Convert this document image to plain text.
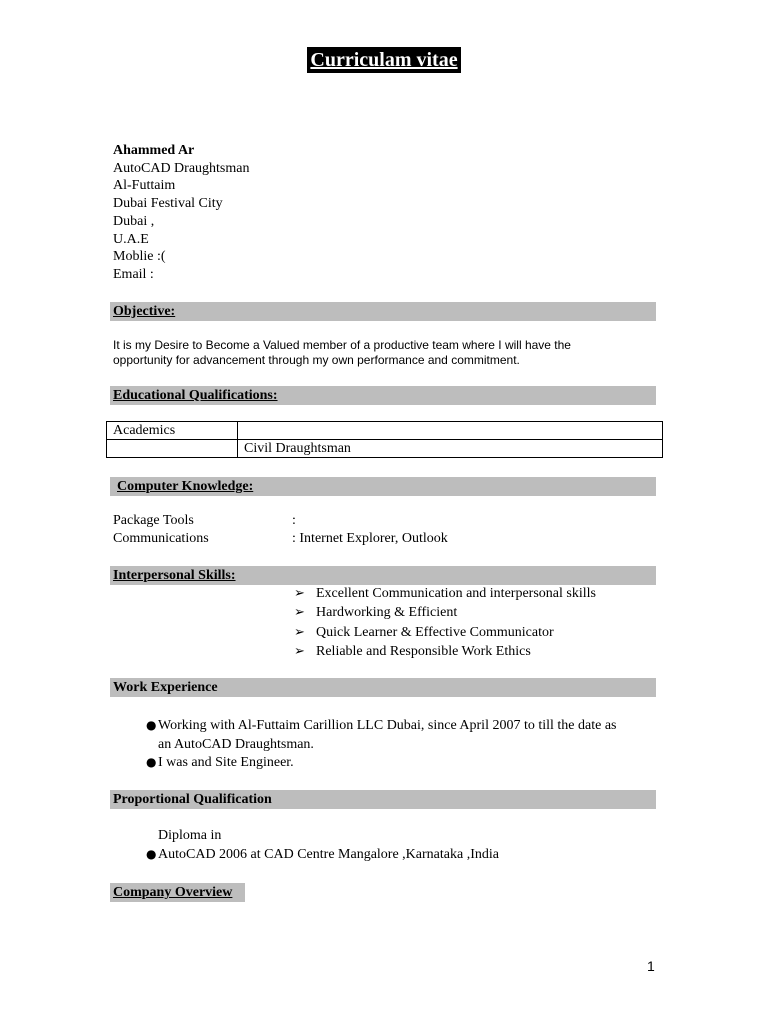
Curriculam vitae
Ahammed Ar
AutoCAD Draughtsman
Al-Futtaim
Dubai Festival City
Dubai ,
U.A.E
Moblie :(
Email :
Objective:
It is my Desire to Become a Valued member of a productive team where I will have the
opportunity for advancement through my own performance and commitment.
Educational Qualifications:
Academics	
	Civil Draughtsman
Computer Knowledge:
Package Tools	:
Communications	: Internet Explorer, Outlook
Interpersonal Skills:
➢ Excellent Communication and interpersonal skills
➢ Hardworking & Efficient
➢ Quick Learner & Effective Communicator
➢ Reliable and Responsible Work Ethics
Work Experience
● Working with Al-Futtaim Carillion LLC Dubai, since April 2007 to till the date as
an AutoCAD Draughtsman.
● I was and Site Engineer.
Proportional Qualification
Diploma in
● AutoCAD 2006 at CAD Centre Mangalore ,Karnataka ,India
Company Overview
1
